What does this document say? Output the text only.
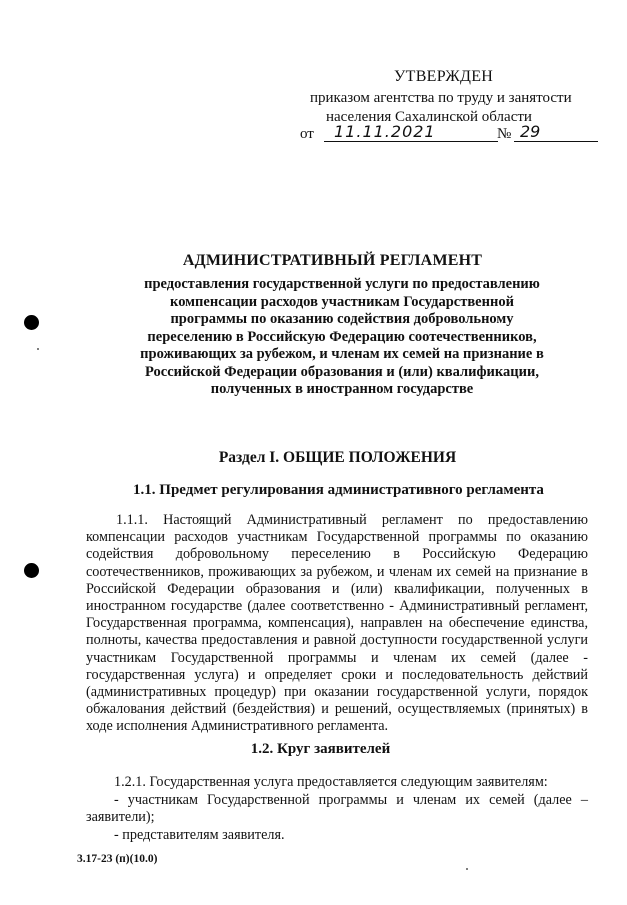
УТВЕРЖДЕН
приказом агентства по труду и занятости
населения Сахалинской области
от	11.11.2021	№ 29
АДМИНИСТРАТИВНЫЙ РЕГЛАМЕНТ
предоставления государственной услуги по предоставлению компенсации расходов участникам Государственной программы по оказанию содействия добровольному переселению в Российскую Федерацию соотечественников, проживающих за рубежом, и членам их семей на признание в Российской Федерации образования и (или) квалификации, полученных в иностранном государстве
Раздел I. ОБЩИЕ ПОЛОЖЕНИЯ
1.1. Предмет регулирования административного регламента
1.1.1. Настоящий Административный регламент по предоставлению компенсации расходов участникам Государственной программы по оказанию содействия добровольному переселению в Российскую Федерацию соотечественников, проживающих за рубежом, и членам их семей на признание в Российской Федерации образования и (или) квалификации, полученных в иностранном государстве (далее соответственно - Административный регламент, Государственная программа, компенсация), направлен на обеспечение единства, полноты, качества предоставления и равной доступности государственной услуги участникам Государственной программы и членам их семей (далее - государственная услуга) и определяет сроки и последовательность действий (административных процедур) при оказании государственной услуги, порядок обжалования действий (бездействия) и решений, осуществляемых (принятых) в ходе исполнения Административного регламента.
1.2. Круг заявителей

1.2.1. Государственная услуга предоставляется следующим заявителям:

- участникам Государственной программы и членам их семей (далее – заявители);

- представителям заявителя.

3.17-23 (п)(10.0)
